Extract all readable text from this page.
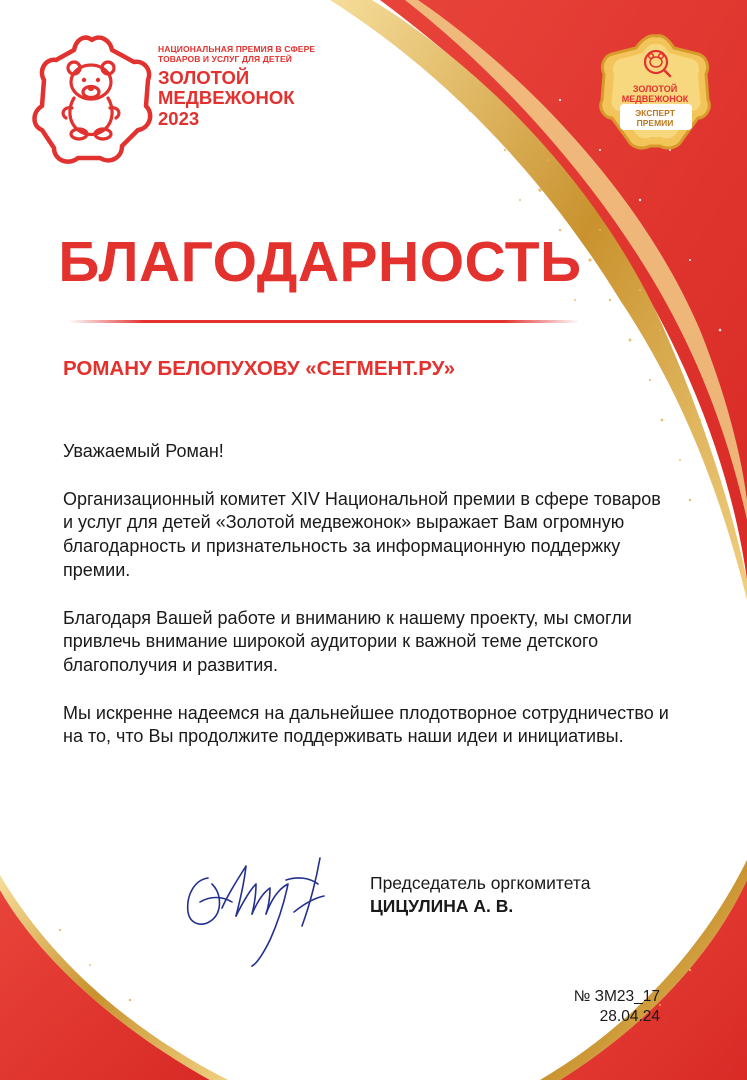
НАЦИОНАЛЬНАЯ ПРЕМИЯ В СФЕРЕ
ТОВАРОВ И УСЛУГ ДЛЯ ДЕТЕЙ
ЗОЛОТОЙ
МЕДВЕЖОНОК
2023
ЗОЛОТОЙ
МЕДВЕЖОНОК
ЭКСПЕРТ
ПРЕМИИ
БЛАГОДАРНОСТЬ
РОМАНУ БЕЛОПУХОВУ «СЕГМЕНТ.РУ»

Уважаемый Роман!

Организационный комитет XIV Национальной премии в сфере товаров и услуг для детей «Золотой медвежонок» выражает Вам огромную благодарность и признательность за информационную поддержку премии.

Благодаря Вашей работе и вниманию к нашему проекту, мы смогли привлечь внимание широкой аудитории к важной теме детского благополучия и развития.

Мы искренне надеемся на дальнейшее плодотворное сотрудничество и на то, что Вы продолжите поддерживать наши идеи и инициативы.

Председатель оргкомитета
ЦИЦУЛИНА А. В.
№ ЗМ23_17
28.04.24
